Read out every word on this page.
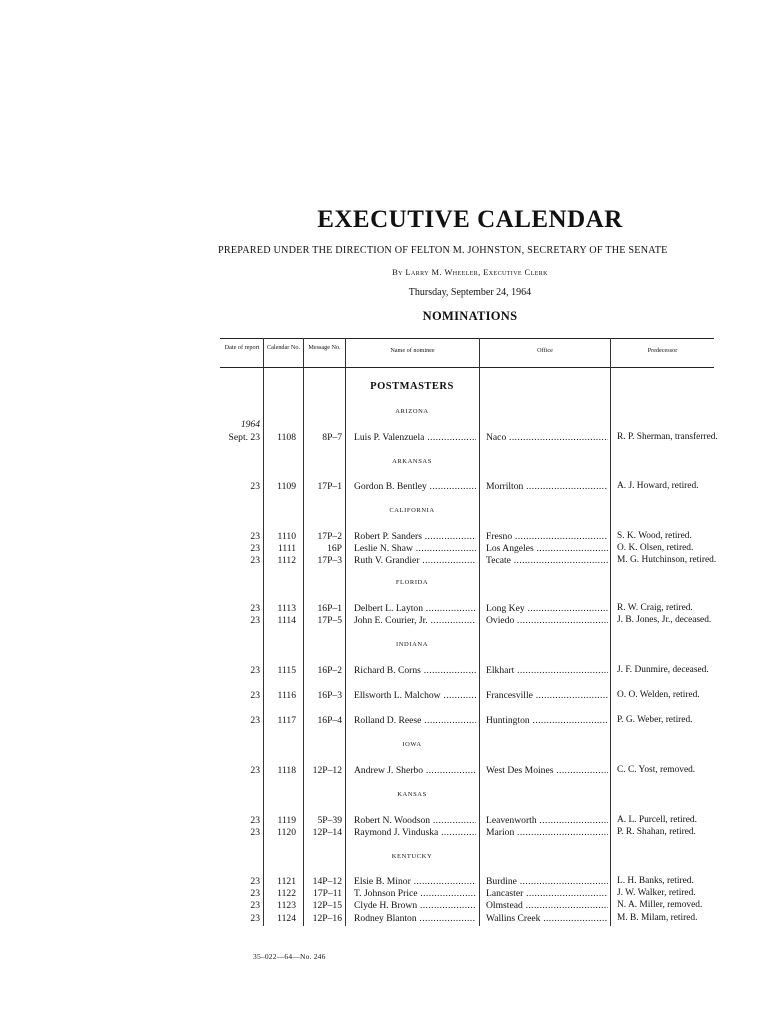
EXECUTIVE CALENDAR
PREPARED UNDER THE DIRECTION OF FELTON M. JOHNSTON, SECRETARY OF THE SENATE
By Larry M. Wheeler, Executive Clerk
Thursday, September 24, 1964
NOMINATIONS
Date of report	Calendar No.	Message No.	Name of nominee	Office	Predecessor
POSTMASTERS
1964
ARIZONA
Sept. 23	1108	8P–7 Luis P. Valenzuela .....	Naco .....	R. P. Sherman, transferred.
ARKANSAS
23	1109	17P–1 Gordon B. Bentley .....	Morrilton .....	A. J. Howard, retired.
CALIFORNIA
23	1110	17P–2 Robert P. Sanders .....	Fresno .....	S. K. Wood, retired.
23	1111	16P Leslie N. Shaw .....	Los Angeles .....	O. K. Olsen, retired.
23	1112	17P–3 Ruth V. Grandier .....	Tecate .....	M. G. Hutchinson, retired.
FLORIDA
23	1113	16P–1 Delbert L. Layton .....	Long Key .....	R. W. Craig, retired.
23	1114	17P–5 John E. Courier, Jr. .....	Oviedo .....	J. B. Jones, Jr., deceased.
INDIANA
23	1115	16P–2 Richard B. Corns .....	Elkhart .....	J. F. Dunmire, deceased.
23	1116	16P–3 Ellsworth L. Malchow .....	Francesville .....	O. O. Welden, retired.
23	1117	16P–4 Rolland D. Reese .....	Huntington .....	P. G. Weber, retired.
IOWA
23	1118	12P–12 Andrew J. Sherbo .....	West Des Moines .....	C. C. Yost, removed.
KANSAS
23	1119	5P–39 Robert N. Woodson .....	Leavenworth .....	A. L. Purcell, retired.
23	1120	12P–14 Raymond J. Vinduska .....	Marion .....	P. R. Shahan, retired.
KENTUCKY
23	1121	14P–12 Elsie B. Minor .....	Burdine .....	L. H. Banks, retired.
23	1122	17P–11 T. Johnson Price .....	Lancaster .....	J. W. Walker, retired.
23	1123	12P–15 Clyde H. Brown .....	Olmstead .....	N. A. Miller, removed.
23	1124	12P–16 Rodney Blanton .....	Wallins Creek .....	M. B. Milam, retired.
35–022—64—No. 246
